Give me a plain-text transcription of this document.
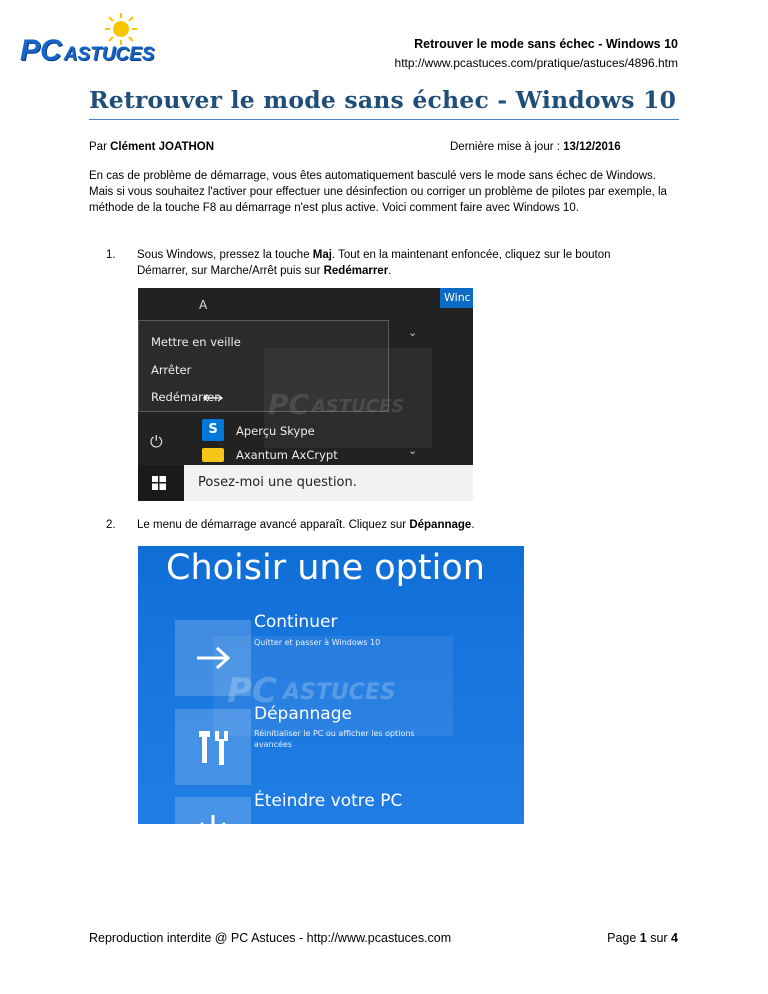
PC ASTUCES	Retrouver le mode sans échec - Windows 10
http://www.pcastuces.com/pratique/astuces/4896.htm
Retrouver le mode sans échec - Windows 10
Par Clément JOATHON	Dernière mise à jour : 13/12/2016
En cas de problème de démarrage, vous êtes automatiquement basculé vers le mode sans échec de Windows. Mais si vous souhaitez l'activer pour effectuer une désinfection ou corriger un problème de pilotes par exemple, la méthode de la touche F8 au démarrage n'est plus active. Voici comment faire avec Windows 10.
1. Sous Windows, pressez la touche Maj. Tout en la maintenant enfoncée, cliquez sur le bouton Démarrer, sur Marche/Arrêt puis sur Redémarrer.
Winc
A
Mettre en veille
Arrêter
Redémarrer
⌄
⌄
PC ASTUCES
⏻
S	Aperçu Skype
Axantum AxCrypt
Posez-moi une question.
2. Le menu de démarrage avancé apparaît. Cliquez sur Dépannage.
Choisir une option
PC ASTUCES
Continuer
Quitter et passer à Windows 10
Dépannage
Réinitialiser le PC ou afficher les options avancées
Éteindre votre PC
Reproduction interdite @ PC Astuces - http://www.pcastuces.com	Page 1 sur 4
